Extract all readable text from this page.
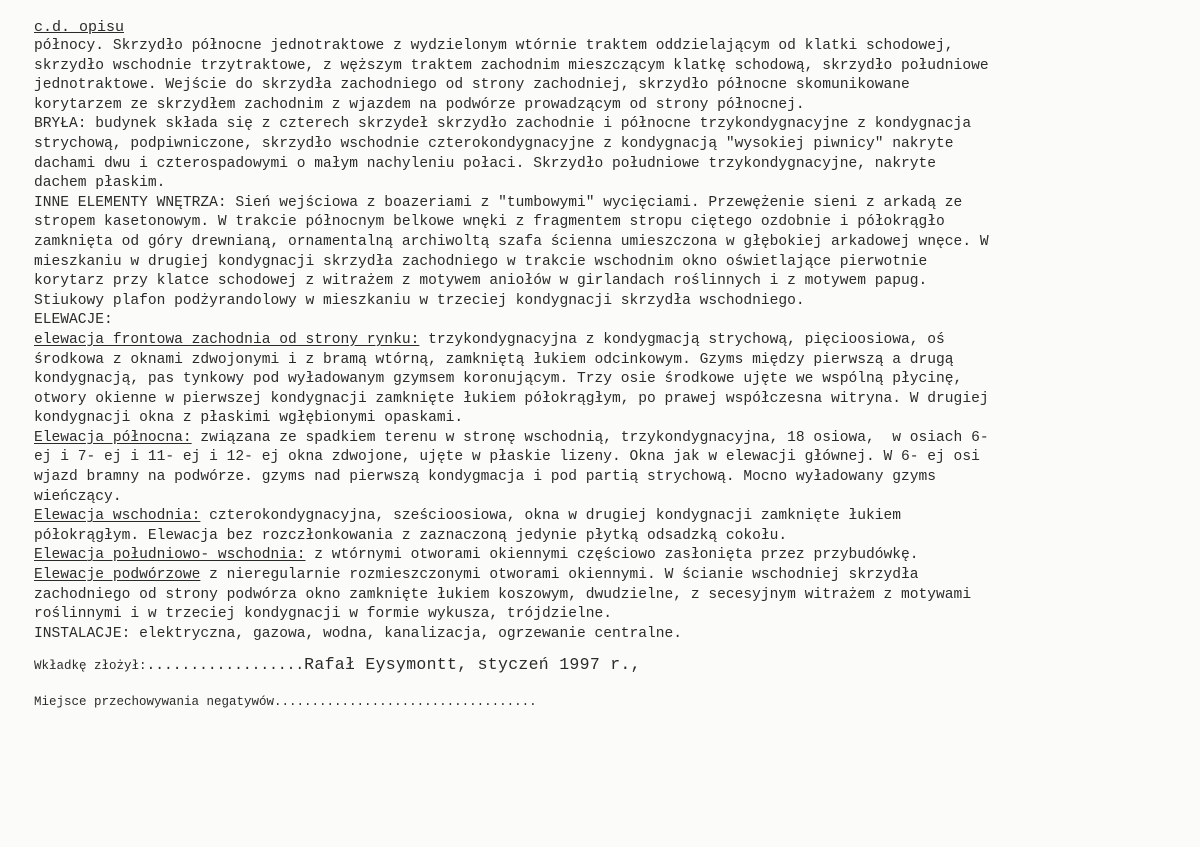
c.d. opisu
północy. Skrzydło północne jednotraktowe z wydzielonym wtórnie traktem oddzielającym od klatki schodowej,
skrzydło wschodnie trzytraktowe, z węższym traktem zachodnim mieszczącym klatkę schodową, skrzydło południowe
jednotraktowe. Wejście do skrzydła zachodniego od strony zachodniej, skrzydło północne skomunikowane
korytarzem ze skrzydłem zachodnim z wjazdem na podwórze prowadzącym od strony północnej.
BRYŁA: budynek składa się z czterech skrzydeł skrzydło zachodnie i północne trzykondygnacyjne z kondygnacja
strychową, podpiwniczone, skrzydło wschodnie czterokondygnacyjne z kondygnacją "wysokiej piwnicy" nakryte
dachami dwu i czterospadowymi o małym nachyleniu połaci. Skrzydło południowe trzykondygnacyjne, nakryte
dachem płaskim.
INNE ELEMENTY WNĘTRZA: Sień wejściowa z boazeriami z "tumbowymi" wycięciami. Przewężenie sieni z arkadą ze
stropem kasetonowym. W trakcie północnym belkowe wnęki z fragmentem stropu ciętego ozdobnie i półokrągło
zamknięta od góry drewnianą, ornamentalną archiwoltą szafa ścienna umieszczona w głębokiej arkadowej wnęce. W
mieszkaniu w drugiej kondygnacji skrzydła zachodniego w trakcie wschodnim okno oświetlające pierwotnie
korytarz przy klatce schodowej z witrażem z motywem aniołów w girlandach roślinnych i z motywem papug.
Stiukowy plafon podżyrandolowy w mieszkaniu w trzeciej kondygnacji skrzydła wschodniego.
ELEWACJE:
elewacja frontowa zachodnia od strony rynku: trzykondygnacyjna z kondygmacją strychową, pięcioosiowa, oś
środkowa z oknami zdwojonymi i z bramą wtórną, zamkniętą łukiem odcinkowym. Gzyms między pierwszą a drugą
kondygnacją, pas tynkowy pod wyładowanym gzymsem koronującym. Trzy osie środkowe ujęte we wspólną płycinę,
otwory okienne w pierwszej kondygnacji zamknięte łukiem półokrągłym, po prawej współczesna witryna. W drugiej
kondygnacji okna z płaskimi wgłębionymi opaskami.
Elewacja północna: związana ze spadkiem terenu w stronę wschodnią, trzykondygnacyjna, 18 osiowa,  w osiach 6-
ej i 7- ej i 11- ej i 12- ej okna zdwojone, ujęte w płaskie lizeny. Okna jak w elewacji głównej. W 6- ej osi
wjazd bramny na podwórze. gzyms nad pierwszą kondygmacja i pod partią strychową. Mocno wyładowany gzyms
wieńczący.
Elewacja wschodnia: czterokondygnacyjna, sześcioosiowa, okna w drugiej kondygnacji zamknięte łukiem
półokrągłym. Elewacja bez rozczłonkowania z zaznaczoną jedynie płytką odsadzką cokołu.
Elewacja południowo- wschodnia: z wtórnymi otworami okiennymi częściowo zasłonięta przez przybudówkę.
Elewacje podwórzowe z nieregularnie rozmieszczonymi otworami okiennymi. W ścianie wschodniej skrzydła
zachodniego od strony podwórza okno zamknięte łukiem koszowym, dwudzielne, z secesyjnym witrażem z motywami
roślinnymi i w trzeciej kondygnacji w formie wykusza, trójdzielne.
INSTALACJE: elektryczna, gazowa, wodna, kanalizacja, ogrzewanie centralne.
Wkładkę złożył:..................Rafał Eysymontt, styczeń 1997 r.,
Miejsce przechowywania negatywów...................................
